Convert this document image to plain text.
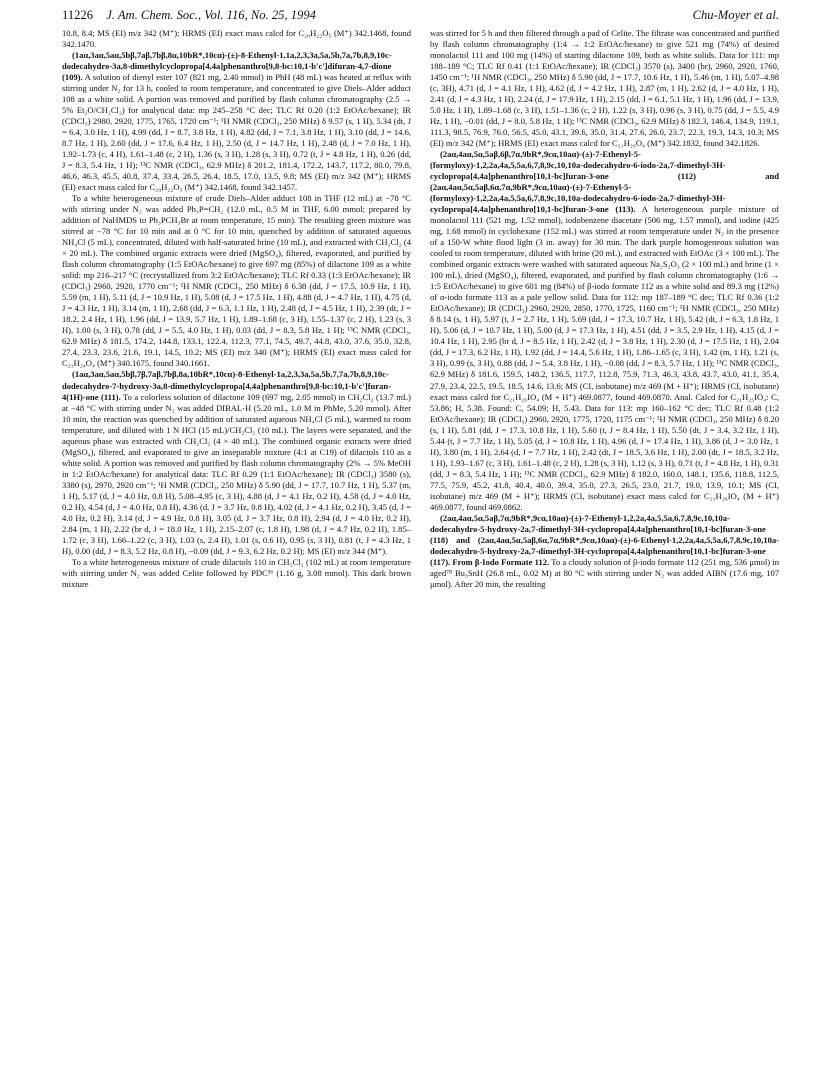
11226 J. Am. Chem. Soc., Vol. 116, No. 25, 1994	Chu-Moyer et al.

10.8, 8.4; MS (EI) m/z 342 (M⁺); HRMS (EI) exact mass calcd for C₂₀H₂₂O₅ (M⁺) 342.1468, found 342.1470.

(1aα,3aα,5aα,5bβ,7aβ,7bβ,8α,10bR*,10cα)-(±)-8-Ethenyl-1,1a,2,3,3a,5a,5b,7a,7b,8,9,10c-dodecahydro-3a,8-dimethylcyclopropa[4,4a]phenanthro[9,8-bc:10,1-b′c′]difuran-4,7-dione (109). A solution of dienyl ester 107 (821 mg, 2.40 mmol) in PhH (48 mL) was heated at reflux with stirring under N₂ for 13 h, cooled to room temperature, and concentrated to give Diels–Alder adduct 108 as a white solid. A portion was removed and purified by flash column chromatography (2.5 → 5% Et₂O/CH₂Cl₂) for analytical data: mp 245–258 °C dec; TLC Rf 0.20 (1:2 EtOAc/hexane); IR (CDCl₃) 2980, 2920, 1775, 1765, 1720 cm⁻¹; ¹H NMR (CDCl₃, 250 MHz) δ 9.57 (s, 1 H), 5.34 (dt, J = 6.4, 3.0 Hz, 1 H), 4.99 (dd, J = 8.7, 3.8 Hz, 1 H), 4.82 (dd, J = 7.1, 3.8 Hz, 1 H), 3.10 (dd, J = 14.6, 8.7 Hz, 1 H), 2.60 (dd, J = 17.6, 6.4 Hz, 1 H), 2.50 (d, J = 14.7 Hz, 1 H), 2.48 (d, J = 7.0 Hz, 1 H), 1.92–1.73 (c, 4 H), 1.61–1.48 (c, 2 H), 1.36 (s, 3 H), 1.28 (s, 3 H), 0.72 (t, J = 4.8 Hz, 1 H), 0.26 (dd, J = 8.3, 5.4 Hz, 1 H); ¹³C NMR (CDCl₃, 62.9 MHz) δ 201.2, 181.4, 172.2, 143.7, 117.2, 80.0, 79.8, 46.6, 46.3, 45.5, 40.8, 37.4, 33.4, 26.5, 26.4, 18.5, 17.0, 13.5, 9.8; MS (EI) m/z 342 (M⁺); HRMS (EI) exact mass calcd for C₂₀H₂₂O₅ (M⁺) 342.1468, found 342.1457.

To a white heterogeneous mixture of crude Diels–Alder adduct 108 in THF (12 mL) at −78 °C with stirring under N₂ was added Ph₃P=CH₂ (12.0 mL, 0.5 M in THF, 6.00 mmol; prepared by addition of NaHMDS to Ph₃PCH₃Br at room temperature, 15 min). The resulting green mixture was stirred at −78 °C for 10 min and at 0 °C for 10 min, quenched by addition of saturated aqueous NH₄Cl (5 mL), concentrated, diluted with half-saturated brine (10 mL), and extracted with CH₂Cl₂ (4 × 20 mL). The combined organic extracts were dried (MgSO₄), filtered, evaporated, and purified by flash column chromatography (1:5 EtOAc/hexane) to give 697 mg (85%) of dilactone 109 as a white solid: mp 216–217 °C (recrystallized from 3:2 EtOAc/hexane); TLC Rf 0.33 (1:3 EtOAc/hexane); IR (CDCl₃) 2960, 2920, 1770 cm⁻¹; ¹H NMR (CDCl₃, 250 MHz) δ 6.38 (dd, J = 17.5, 10.9 Hz, 1 H), 5.59 (m, 1 H), 5.11 (d, J = 10.9 Hz, 1 H), 5.08 (d, J = 17.5 Hz, 1 H), 4.88 (d, J = 4.7 Hz, 1 H), 4.75 (d, J = 4.3 Hz, 1 H), 3.14 (m, 1 H), 2.68 (dd, J = 6.3, 1.1 Hz, 1 H), 2.48 (d, J = 4.5 Hz, 1 H), 2.39 (dt, J = 18.2, 2.4 Hz, 1 H), 1.96 (dd, J = 13.9, 5.7 Hz, 1 H), 1.89–1.68 (c, 3 H), 1.55–1.37 (c, 2 H), 1.23 (s, 3 H), 1.00 (s, 3 H), 0.78 (dd, J = 5.5, 4.0 Hz, 1 H), 0.03 (dd, J = 8.3, 5.8 Hz, 1 H); ¹³C NMR (CDCl₃, 62.9 MHz) δ 181.5, 174.2, 144.8, 133.1, 122.4, 112.3, 77.1, 74.5, 49.7, 44.8, 43.0, 37.6, 35.0, 32.8, 27.4, 23.3, 23.6, 21.6, 19.1, 14.5, 10.2; MS (EI) m/z 340 (M⁺); HRMS (EI) exact mass calcd for C₂₁H₂₄O₄ (M⁺) 340.1675, found 340.1661.

(1aα,3aα,5aα,5bβ,7β,7aβ,7bβ,8a,10bR*,10cα)-8-Ethenyl-1a,2,3,3a,5a,5b,7,7a,7b,8,9,10c-dodecahydro-7-hydroxy-3a,8-dimethylcyclopropa[4,4a]phenanthro[9,8-bc:10,1-b′c′]furan-4(1H)-one (111). To a colorless solution of dilactone 109 (697 mg, 2.05 mmol) in CH₂Cl₂ (13.7 mL) at −48 °C with stirring under N₂ was added DIBAL-H (5.20 mL, 1.0 M in PhMe, 5.20 mmol). After 10 min, the reaction was quenched by addition of saturated aqueous NH₄Cl (5 mL), warmed to room temperature, and diluted with 1 N HCl (15 mL)/CH₂Cl₂ (10 mL). The layers were separated, and the aqueous phase was extracted with CH₂Cl₂ (4 × 40 mL). The combined organic extracts were dried (MgSO₄), filtered, and evaporated to give an inseparable mixture (4:1 at C19) of dilactols 110 as a white solid. A portion was removed and purified by flash column chromatography (2% → 5% MeOH in 1:2 EtOAc/hexane) for analytical data: TLC Rf 0.29 (1:1 EtOAc/hexane); IR (CDCl₃) 3580 (s), 3380 (s), 2970, 2920 cm⁻¹; ¹H NMR (CDCl₃, 250 MHz) δ 5.90 (dd, J = 17.7, 10.7 Hz, 1 H), 5.37 (m, 1 H), 5.17 (d, J = 4.0 Hz, 0.8 H), 5.08–4.95 (c, 3 H), 4.88 (d, J = 4.1 Hz, 0.2 H), 4.58 (d, J = 4.0 Hz, 0.2 H), 4.54 (d, J = 4.0 Hz, 0.8 H), 4.36 (d, J = 3.7 Hz, 0.8 H), 4.02 (d, J = 4.1 Hz, 0.2 H), 3.45 (d, J = 4.0 Hz, 0.2 H), 3.14 (d, J = 4.9 Hz, 0.8 H), 3.05 (d, J = 3.7 Hz, 0.8 H), 2.94 (d, J = 4.0 Hz, 0.2 H), 2.84 (m, 1 H), 2.22 (br d, J = 18.0 Hz, 1 H), 2.15–2.07 (c, 1.8 H), 1.98 (d, J = 4.7 Hz, 0.2 H), 1.85–1.72 (c, 3 H), 1.66–1.22 (c, 3 H), 1.03 (s, 2.4 H), 1.01 (s, 0.6 H), 0.95 (s, 3 H), 0.81 (t, J = 4.3 Hz, 1 H), 0.00 (dd, J = 8.3, 5.2 Hz, 0.8 H), −0.09 (dd, J = 9.3, 6.2 Hz, 0.2 H); MS (EI) m/z 344 (M⁺).

To a white heterogeneous mixture of crude dilactols 110 in CH₂Cl₂ (102 mL) at room temperature with stirring under N₂ was added Celite followed by PDC³⁶ (1.16 g, 3.08 mmol). This dark brown mixture

was stirred for 5 h and then filtered through a pad of Celite. The filtrate was concentrated and purified by flash column chromatography (1:4 → 1:2 EtOAc/hexane) to give 521 mg (74%) of desired monolactol 111 and 100 mg (14%) of starting dilactone 109, both as white solids. Data for 111: mp 188–189 °C; TLC Rf 0.41 (1:1 EtOAc/hexane); IR (CDCl₃) 3570 (s), 3400 (br), 2960, 2920, 1760, 1450 cm⁻¹; ¹H NMR (CDCl₃, 250 MHz) δ 5.90 (dd, J = 17.7, 10.6 Hz, 1 H), 5.46 (m, 1 H), 5.07–4.98 (c, 3H), 4.71 (d, J = 4.1 Hz, 1 H), 4.62 (d, J = 4.2 Hz, 1 H), 2.87 (m, 1 H), 2.62 (d, J = 4.0 Hz, 1 H), 2.41 (d, J = 4.3 Hz, 1 H), 2.24 (d, J = 17.9 Hz, 1 H), 2.15 (dd, J = 6.1, 5.1 Hz, 1 H), 1.96 (dd, J = 13.9, 5.0 Hz, 1 H), 1.89–1.68 (c, 3 H), 1.51–1.36 (c, 2 H), 1.22 (s, 3 H), 0.96 (s, 3 H), 0.75 (dd, J = 5.5, 4.9 Hz, 1 H), −0.01 (dd, J = 8.0, 5.8 Hz, 1 H); ¹³C NMR (CDCl₃, 62.9 MHz) δ 182.3, 146.4, 134.9, 119.1, 111.3, 98.5, 76.9, 76.0, 56.5, 45.0, 43.1, 39.6, 35.0, 31.4, 27.6, 26.0, 23.7, 22.3, 19.3, 14.3, 10.3; MS (EI) m/z 342 (M⁺); HRMS (EI) exact mass calcd for C₂₁H₂₆O₄ (M⁺) 342.1832, found 342.1826.

(2aα,4aα,5α,5aβ,6β,7α,9bR*,9cα,10aα)-(±)-7-Ethenyl-5-(formyloxy)-1,2,2a,4a,5,5a,6,7,8,9c,10,10a-dodecahydro-6-iodo-2a,7-dimethyl-3H-cyclopropa[4,4a]phenanthro[10,1-bc]furan-3-one (112) and (2aα,4aα,5α,5aβ,6α,7α,9bR*,9cα,10aα)-(±)-7-Ethenyl-5-(formyloxy)-1,2,2a,4a,5,5a,6,7,8,9c,10,10a-dodecahydro-6-iodo-2a,7-dimethyl-3H-cyclopropa[4,4a]phenanthro[10,1-bc]furan-3-one (113). A heterogeneous purple mixture of monolactol 111 (521 mg, 1.52 mmol), iodobenzene diacetate (506 mg, 1.57 mmol), and iodine (425 mg, 1.68 mmol) in cyclohexane (152 mL) was stirred at room temperature under N₂ in the presence of a 150-W white flood light (3 in. away) for 30 min. The dark purple homogeneous solution was cooled to room temperature, diluted with brine (20 mL), and extracted with EtOAc (3 × 100 mL). The combined organic extracts were washed with saturated aqueous Na₂S₂O₃ (2 × 100 mL) and brine (1 × 100 mL), dried (MgSO₄), filtered, evaporated, and purified by flash column chromatography (1:6 → 1:5 EtOAc/hexane) to give 601 mg (84%) of β-iodo formate 112 as a white solid and 89.3 mg (12%) of α-iodo formate 113 as a pale yellow solid. Data for 112: mp 187–189 °C dec; TLC Rf 0.36 (1:2 EtOAc/hexane); IR (CDCl₃) 2960, 2920, 2850, 1770, 1725, 1160 cm⁻¹; ¹H NMR (CDCl₃, 250 MHz) δ 8.14 (s, 1 H), 5.97 (t, J = 2.7 Hz, 1 H), 5.69 (dd, J = 17.3, 10.7 Hz, 1 H), 5.42 (dt, J = 6.3, 1.8 Hz, 1 H), 5.06 (d, J = 10.7 Hz, 1 H), 5.00 (d, J = 17.3 Hz, 1 H), 4.51 (dd, J = 3.5, 2.9 Hz, 1 H), 4.15 (d, J = 10.4 Hz, 1 H), 2.95 (br d, J = 8.5 Hz, 1 H), 2.42 (d, J = 3.8 Hz, 1 H), 2.30 (d, J = 17.5 Hz, 1 H), 2.04 (dd, J = 17.3, 6.2 Hz, 1 H), 1.92 (dd, J = 14.4, 5.6 Hz, 1 H), 1.86–1.65 (c, 3 H), 1.42 (m, 1 H), 1.21 (s, 3 H), 0.99 (s, 3 H), 0.88 (dd, J = 5.4, 3.8 Hz, 1 H), −0.08 (dd, J = 8.3, 5.7 Hz, 1 H); ¹³C NMR (CDCl₃, 62.9 MHz) δ 181.6, 159.5, 148.2, 136.5, 117.7, 112.8, 75.9, 71.3, 46.3, 43.8, 43.7, 43.0, 41.1, 35.4, 27.9, 23.4, 22.5, 19.5, 18.5, 14.6, 13.6; MS (CI, isobutane) m/z 469 (M + H⁺); HRMS (CI, isobutane) exact mass calcd for C₂₁H₂₆IO₄ (M + H⁺) 469.0877, found 469.0870. Anal. Calcd for C₂₁H₂₅IO₄: C, 53.86; H, 5.38. Found: C, 54.09; H, 5.43. Data for 113: mp 160–162 °C dec; TLC Rf 0.48 (1:2 EtOAc/hexane); IR (CDCl₃) 2960, 2920, 1775, 1720, 1175 cm⁻¹; ¹H NMR (CDCl₃, 250 MHz) δ 8.20 (s, 1 H), 5.81 (dd, J = 17.3, 10.8 Hz, 1 H), 5.60 (t, J = 8.4 Hz, 1 H), 5.50 (dt, J = 3.4, 3.2 Hz, 1 H), 5.44 (t, J = 7.7 Hz, 1 H), 5.05 (d, J = 10.8 Hz, 1 H), 4.96 (d, J = 17.4 Hz, 1 H), 3.86 (d, J = 3.0 Hz, 1 H), 3.80 (m, 1 H), 2.64 (d, J = 7.7 Hz, 1 H), 2.42 (dt, J = 18.5, 3.6 Hz, 1 H), 2.00 (dt, J = 18.5, 3.2 Hz, 1 H), 1.93–1.67 (c, 3 H), 1.61–1.48 (c, 2 H), 1.28 (s, 3 H), 1.12 (s, 3 H), 0.71 (t, J = 4.8 Hz, 1 H), 0.31 (dd, J = 8.3, 5.4 Hz, 1 H); ¹³C NMR (CDCl₃, 62.9 MHz) δ 182.0, 160.0, 148.1, 135.6, 118.8, 112.5, 77.5, 75.9, 45.2, 41.8, 40.4, 40.0, 39.4, 35.0, 27.3, 26.5, 23.0, 21.7, 19.0, 13.9, 10.1; MS (CI, isobutane) m/z 469 (M + H⁺); HRMS (CI, isobutane) exact mass calcd for C₂₁H₂₆IO₄ (M + H⁺) 469.0877, found 469.0862.

(2aα,4aα,5α,5aβ,7α,9bR*,9cα,10aα)-(±)-7-Ethenyl-1,2,2a,4a,5,5a,6,7,8,9c,10,10a-dodecahydro-5-hydroxy-2a,7-dimethyl-3H-cyclopropa[4,4a]phenanthro[10,1-bc]furan-3-one (118) and (2aα,4aα,5α,5aβ,6α,7α,9bR*,9cα,10aα)-(±)-6-Ethenyl-1,2,2a,4a,5,5a,6,7,8,9c,10,10a-dodecahydro-5-hydroxy-2a,7-dimethyl-3H-cyclopropa[4,4a]phenanthro[10,1-bc]furan-3-one (117). From β-Iodo Formate 112. To a cloudy solution of β-iodo formate 112 (251 mg, 536 μmol) in aged⁷⁸ Bu₃SnH (26.8 mL, 0.02 M) at 80 °C with stirring under N₂ was added AIBN (17.6 mg, 107 μmol). After 20 min, the resulting
